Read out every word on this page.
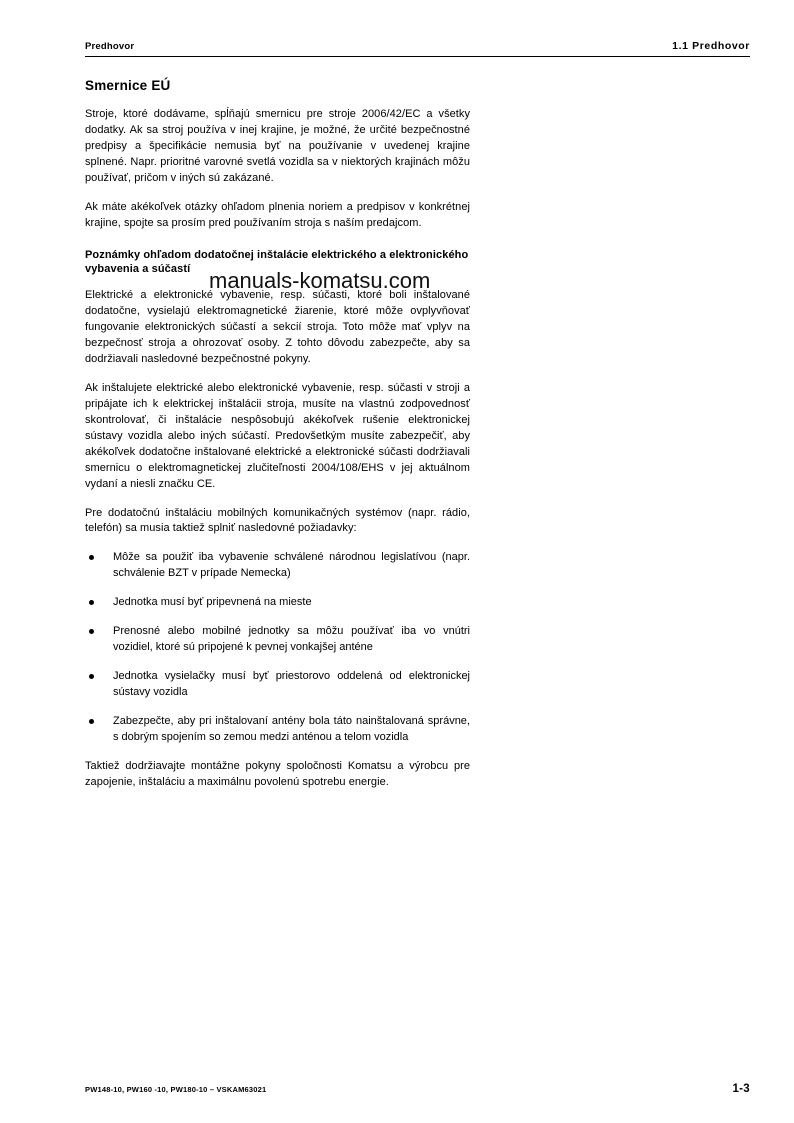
Predhovor	1.1 Predhovor
Smernice EÚ

Stroje, ktoré dodávame, spĺňajú smernicu pre stroje 2006/42/EC a všetky dodatky. Ak sa stroj používa v inej krajine, je možné, že určité bezpečnostné predpisy a špecifikácie nemusia byť na používanie v uvedenej krajine splnené. Napr. prioritné varovné svetlá vozidla sa v niektorých krajinách môžu používať, pričom v iných sú zakázané.

Ak máte akékoľvek otázky ohľadom plnenia noriem a predpisov v konkrétnej krajine, spojte sa prosím pred používaním stroja s naším predajcom.

Poznámky ohľadom dodatočnej inštalácie elektrického a elektronického vybavenia a súčastí

Elektrické a elektronické vybavenie, resp. súčasti, ktoré boli inštalované dodatočne, vysielajú elektromagnetické žiarenie, ktoré môže ovplyvňovať fungovanie elektronických súčastí a sekcií stroja. Toto môže mať vplyv na bezpečnosť stroja a ohrozovať osoby. Z tohto dôvodu zabezpečte, aby sa dodržiavali nasledovné bezpečnostné pokyny.

Ak inštalujete elektrické alebo elektronické vybavenie, resp. súčasti v stroji a pripájate ich k elektrickej inštalácii stroja, musíte na vlastnú zodpovednosť skontrolovať, či inštalácie nespôsobujú akékoľvek rušenie elektronickej sústavy vozidla alebo iných súčastí. Predovšetkým musíte zabezpečiť, aby akékoľvek dodatočne inštalované elektrické a elektronické súčasti dodržiavali smernicu o elektromagnetickej zlučiteľnosti 2004/108/EHS v jej aktuálnom vydaní a niesli značku CE.

Pre dodatočnú inštaláciu mobilných komunikačných systémov (napr. rádio, telefón) sa musia taktiež splniť nasledovné požiadavky:

Môže sa použiť iba vybavenie schválené národnou legislatívou (napr. schválenie BZT v prípade Nemecka)
Jednotka musí byť pripevnená na mieste
Prenosné alebo mobilné jednotky sa môžu používať iba vo vnútri vozidiel, ktoré sú pripojené k pevnej vonkajšej anténe
Jednotka vysielačky musí byť priestorovo oddelená od elektronickej sústavy vozidla
Zabezpečte, aby pri inštalovaní antény bola táto nainštalovaná správne, s dobrým spojením so zemou medzi anténou a telom vozidla

Taktiež dodržiavajte montážne pokyny spoločnosti Komatsu a výrobcu pre zapojenie, inštaláciu a maximálnu povolenú spotrebu energie.

manuals-komatsu.com
PW148-10, PW160 -10, PW180-10 – VSKAM63021	1-3
